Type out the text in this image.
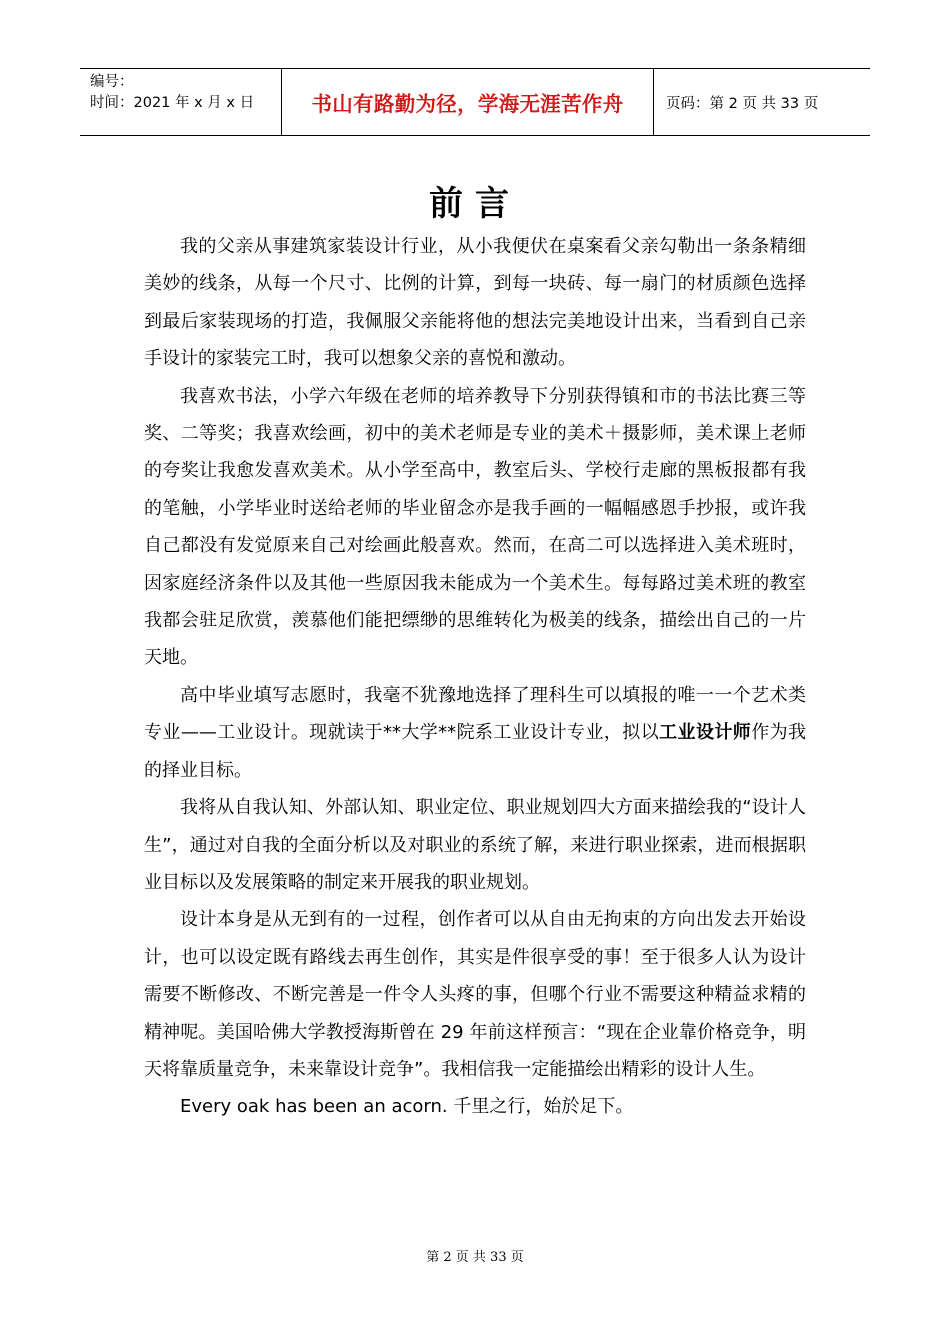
编号：
时间：2021 年 x 月 x 日	书山有路勤为径，学海无涯苦作舟	页码：第 2 页 共 33 页
前言

我的父亲从事建筑家装设计行业，从小我便伏在桌案看父亲勾勒出一条条精细美妙的线条，从每一个尺寸、比例的计算，到每一块砖、每一扇门的材质颜色选择到最后家装现场的打造，我佩服父亲能将他的想法完美地设计出来，当看到自己亲手设计的家装完工时，我可以想象父亲的喜悦和激动。

我喜欢书法，小学六年级在老师的培养教导下分别获得镇和市的书法比赛三等奖、二等奖；我喜欢绘画，初中的美术老师是专业的美术＋摄影师，美术课上老师的夸奖让我愈发喜欢美术。从小学至高中，教室后头、学校行走廊的黑板报都有我的笔触，小学毕业时送给老师的毕业留念亦是我手画的一幅幅感恩手抄报，或许我自己都没有发觉原来自己对绘画此般喜欢。然而，在高二可以选择进入美术班时，因家庭经济条件以及其他一些原因我未能成为一个美术生。每每路过美术班的教室我都会驻足欣赏，羡慕他们能把缥缈的思维转化为极美的线条，描绘出自己的一片天地。

高中毕业填写志愿时，我毫不犹豫地选择了理科生可以填报的唯一一个艺术类专业——工业设计。现就读于**大学**院系工业设计专业，拟以工业设计师作为我的择业目标。

我将从自我认知、外部认知、职业定位、职业规划四大方面来描绘我的“设计人生”，通过对自我的全面分析以及对职业的系统了解，来进行职业探索，进而根据职业目标以及发展策略的制定来开展我的职业规划。

设计本身是从无到有的一过程，创作者可以从自由无拘束的方向出发去开始设计，也可以设定既有路线去再生创作，其实是件很享受的事！至于很多人认为设计需要不断修改、不断完善是一件令人头疼的事，但哪个行业不需要这种精益求精的精神呢。美国哈佛大学教授海斯曾在 29 年前这样预言：“现在企业靠价格竞争，明天将靠质量竞争，未来靠设计竞争”。我相信我一定能描绘出精彩的设计人生。

Every oak has been an acorn. 千里之行，始於足下。

第 2 页 共 33 页
